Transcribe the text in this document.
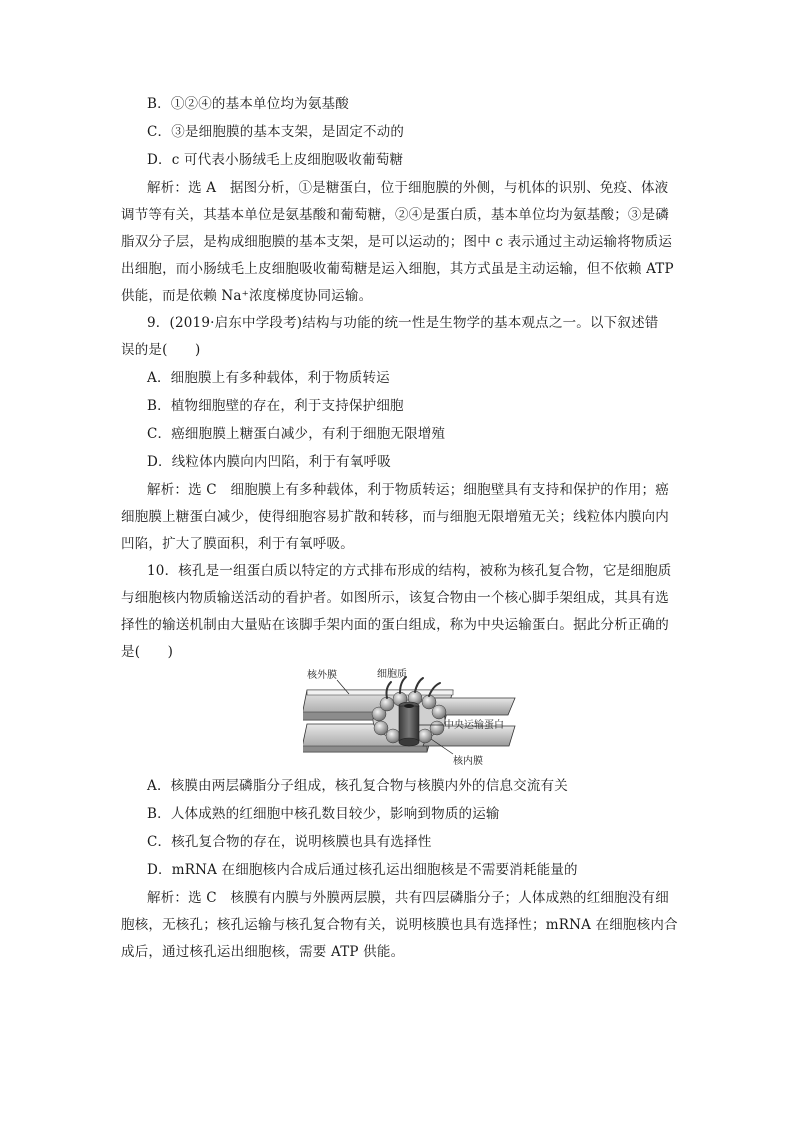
B．①②④的基本单位均为氨基酸
C．③是细胞膜的基本支架，是固定不动的
D．c 可代表小肠绒毛上皮细胞吸收葡萄糖
解析：选 A　据图分析，①是糖蛋白，位于细胞膜的外侧，与机体的识别、免疫、体液
调节等有关，其基本单位是氨基酸和葡萄糖，②④是蛋白质，基本单位均为氨基酸；③是磷
脂双分子层，是构成细胞膜的基本支架，是可以运动的；图中 c 表示通过主动运输将物质运
出细胞，而小肠绒毛上皮细胞吸收葡萄糖是运入细胞，其方式虽是主动运输，但不依赖 ATP
供能，而是依赖 Na⁺浓度梯度协同运输。
9．(2019·启东中学段考)结构与功能的统一性是生物学的基本观点之一。以下叙述错
误的是(　　)
A．细胞膜上有多种载体，利于物质转运
B．植物细胞壁的存在，利于支持保护细胞
C．癌细胞膜上糖蛋白减少，有利于细胞无限增殖
D．线粒体内膜向内凹陷，利于有氧呼吸
解析：选 C　细胞膜上有多种载体，利于物质转运；细胞壁具有支持和保护的作用；癌
细胞膜上糖蛋白减少，使得细胞容易扩散和转移，而与细胞无限增殖无关；线粒体内膜向内
凹陷，扩大了膜面积，利于有氧呼吸。
10．核孔是一组蛋白质以特定的方式排布形成的结构，被称为核孔复合物，它是细胞质
与细胞核内物质输送活动的看护者。如图所示，该复合物由一个核心脚手架组成，其具有选
择性的输送机制由大量贴在该脚手架内面的蛋白组成，称为中央运输蛋白。据此分析正确的
是(　　)
核外膜	细胞质
中央运输蛋白
核内膜
A．核膜由两层磷脂分子组成，核孔复合物与核膜内外的信息交流有关
B．人体成熟的红细胞中核孔数目较少，影响到物质的运输
C．核孔复合物的存在，说明核膜也具有选择性
D．mRNA 在细胞核内合成后通过核孔运出细胞核是不需要消耗能量的
解析：选 C　核膜有内膜与外膜两层膜，共有四层磷脂分子；人体成熟的红细胞没有细
胞核，无核孔；核孔运输与核孔复合物有关，说明核膜也具有选择性；mRNA 在细胞核内合
成后，通过核孔运出细胞核，需要 ATP 供能。
